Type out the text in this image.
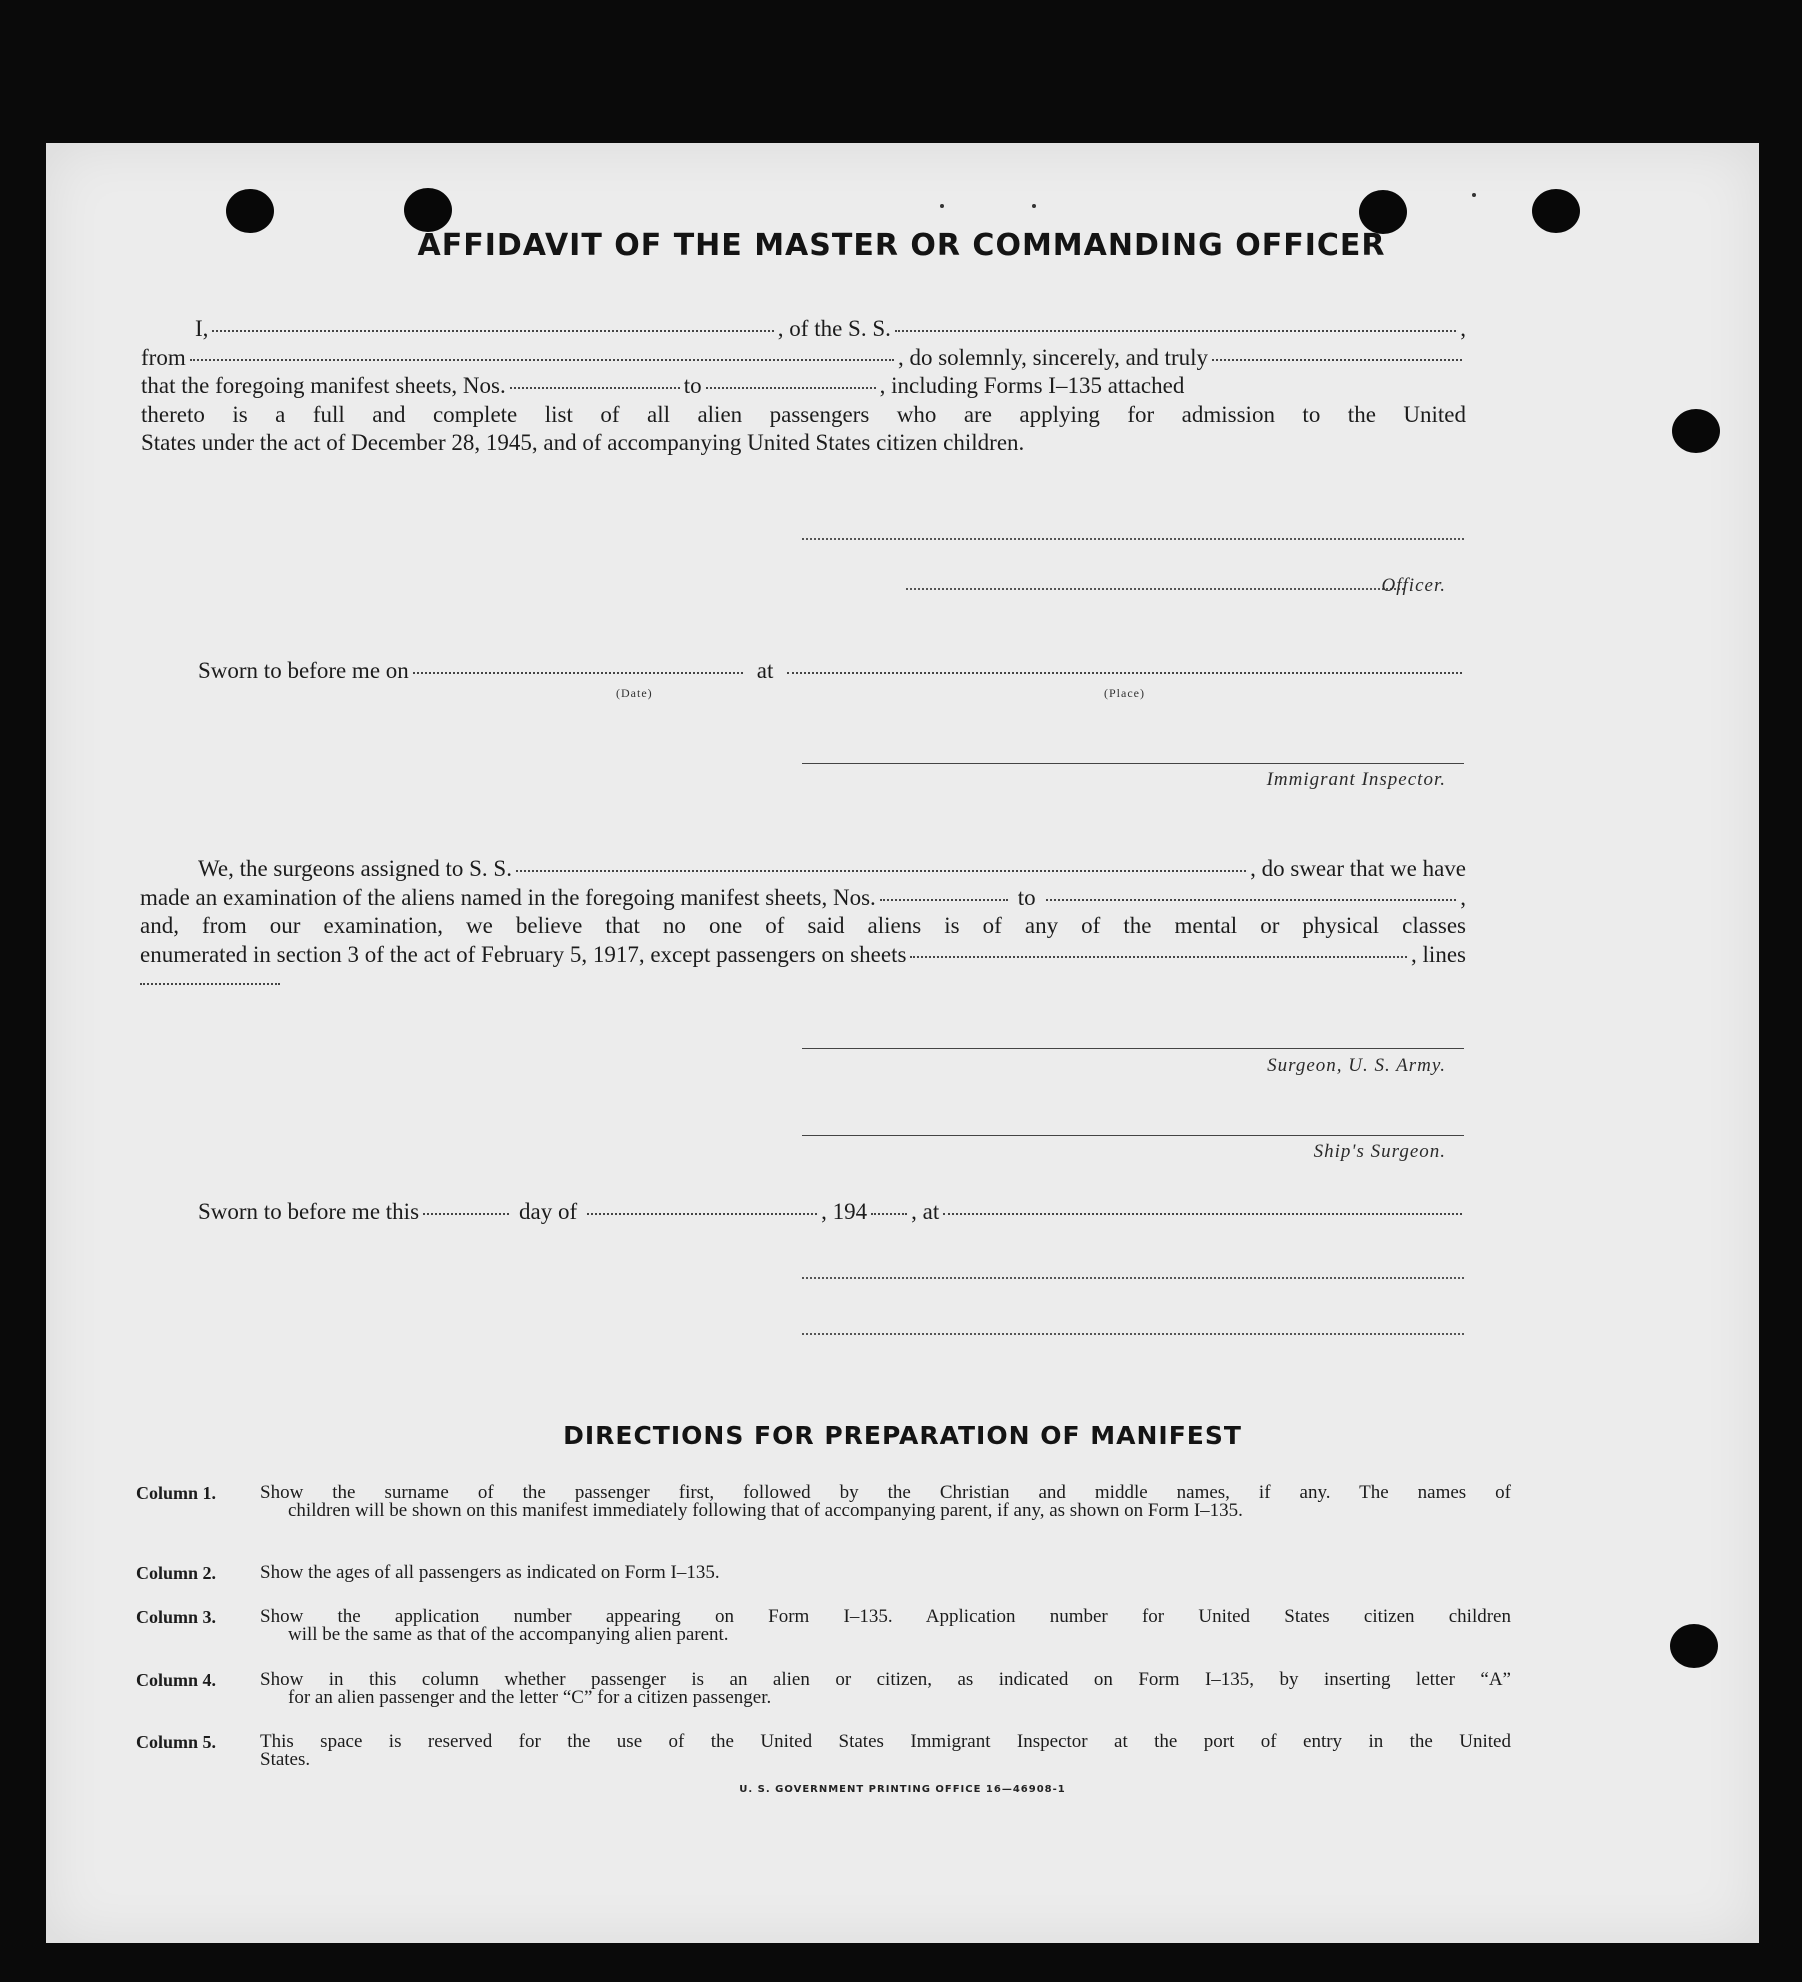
AFFIDAVIT OF THE MASTER OR COMMANDING OFFICER
I,	, of the S. S.	,
from	, do solemnly, sincerely, and truly
that the foregoing manifest sheets, Nos.	to	, including Forms I–135 attached
thereto is a full and complete list of all alien passengers who are applying for admission to the United
States under the act of December 28, 1945, and of accompanying United States citizen children.
Officer.
Sworn to before me on	at
(Date)	(Place)
Immigrant Inspector.
We, the surgeons assigned to S. S.	, do swear that we have
made an examination of the aliens named in the foregoing manifest sheets, Nos.	to	,
and, from our examination, we believe that no one of said aliens is of any of the mental or physical classes
enumerated in section 3 of the act of February 5, 1917, except passengers on sheets	, lines
Surgeon, U. S. Army.
Ship's Surgeon.
Sworn to before me this	day of	, 194 , at
DIRECTIONS FOR PREPARATION OF MANIFEST
Column 1. Show the surname of the passenger first, followed by the Christian and middle names, if any. The names of
children will be shown on this manifest immediately following that of accompanying parent, if any, as shown on Form I–135.
Column 2. Show the ages of all passengers as indicated on Form I–135.
Column 3. Show the application number appearing on Form I–135. Application number for United States citizen children
will be the same as that of the accompanying alien parent.
Column 4. Show in this column whether passenger is an alien or citizen, as indicated on Form I–135, by inserting letter “A”
for an alien passenger and the letter “C” for a citizen passenger.
Column 5. This space is reserved for the use of the United States Immigrant Inspector at the port of entry in the United
States.
U. S. GOVERNMENT PRINTING OFFICE 16—46908-1
